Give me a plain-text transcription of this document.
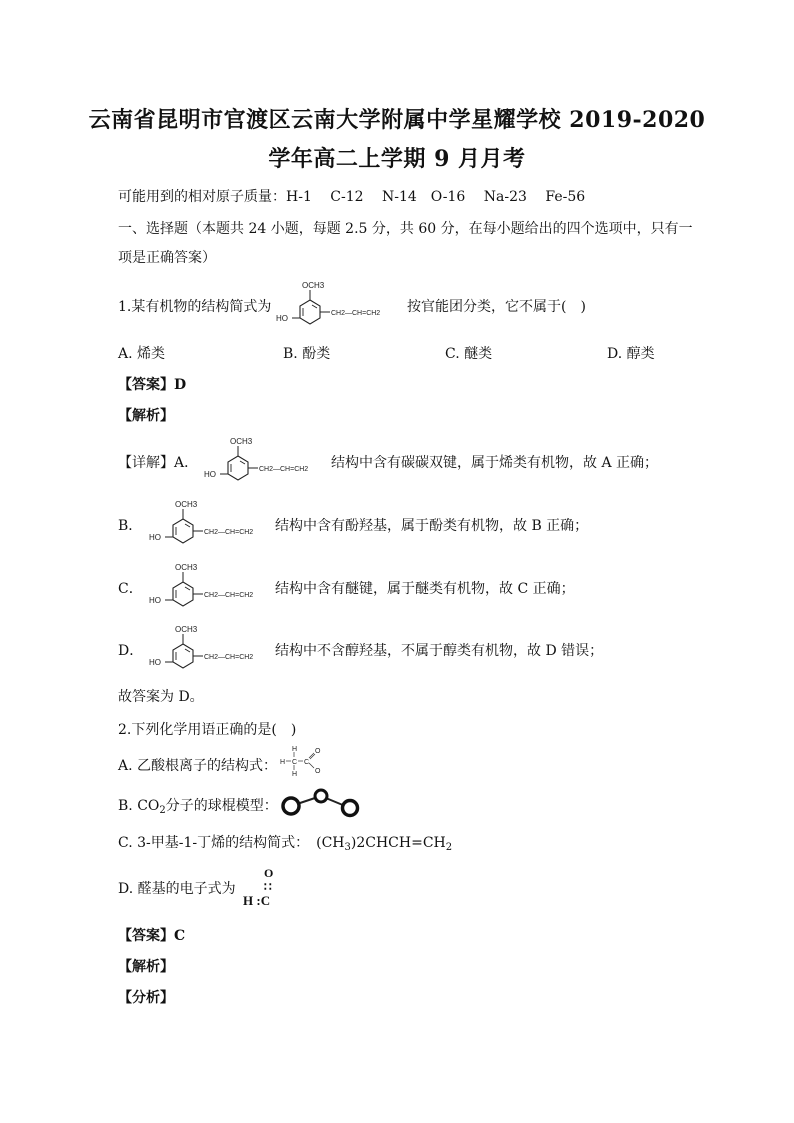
云南省昆明市官渡区云南大学附属中学星耀学校 2019-2020
学年高二上学期 9 月月考
可能用到的相对原子质量：H-1　 C-12　 N-14　O-16　 Na-23　 Fe-56
一、选择题（本题共 24 小题，每题 2.5 分，共 60 分，在每小题给出的四个选项中，只有一
项是正确答案）
1.某有机物的结构简式为
OCH3
HO
CH2—CH=CH2 按官能团分类，它不属于(　)
A. 烯类	B. 酚类	C. 醚类	D. 醇类
【答案】D
【解析】
【详解】A．
OCH3
HO
CH2—CH=CH2 结构中含有碳碳双键，属于烯类有机物，故 A 正确；
B．
OCH3
HO
CH2—CH=CH2 结构中含有酚羟基，属于酚类有机物，故 B 正确；
C．
OCH3
HO
CH2—CH=CH2 结构中含有醚键，属于醚类有机物，故 C 正确；
D．
OCH3
HO
CH2—CH=CH2 结构中不含醇羟基，不属于醇类有机物，故 D 错误；
故答案为 D。
2.下列化学用语正确的是(　)
A. 乙酸根离子的结构式： H C
H
H
C
O
O
B. $CO_2$分子的球棍模型：
C. 3-甲基-1-丁烯的结构简式：　 $(CH_3)2CHCH=CH_2$
D. 醛基的电子式为
O
∷
H :C
【答案】C
【解析】
【分析】
